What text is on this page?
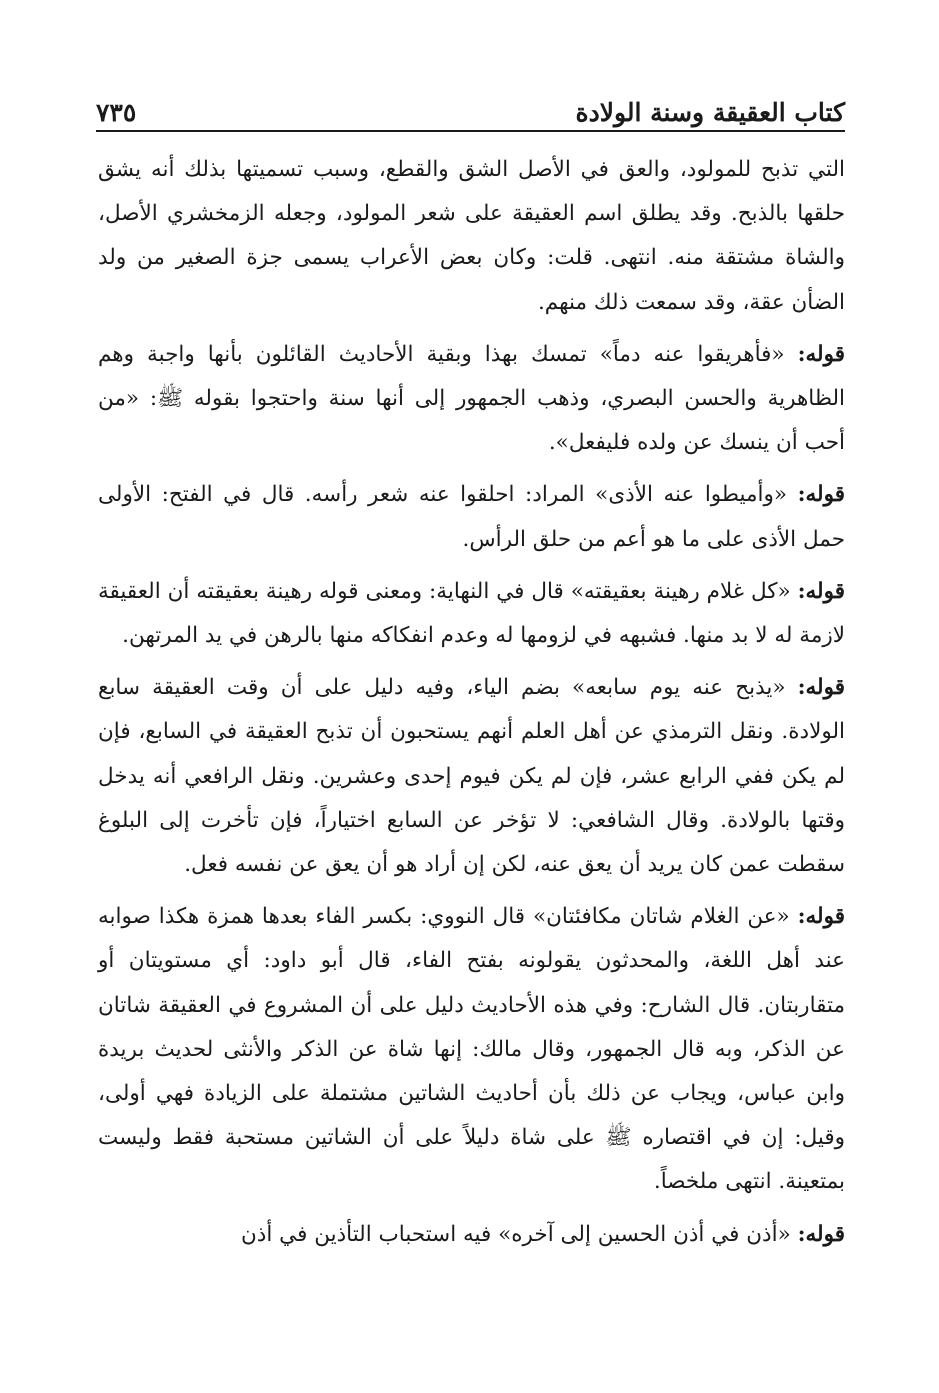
كتاب العقيقة وسنة الولادة
٧٣٥

التي تذبح للمولود، والعق في الأصل الشق والقطع، وسبب تسميتها بذلك أنه يشق حلقها بالذبح. وقد يطلق اسم العقيقة على شعر المولود، وجعله الزمخشري الأصل، والشاة مشتقة منه. انتهى. قلت: وكان بعض الأعراب يسمى جزة الصغير من ولد الضأن عقة، وقد سمعت ذلك منهم.

قوله: «فأهريقوا عنه دماً» تمسك بهذا وبقية الأحاديث القائلون بأنها واجبة وهم الظاهرية والحسن البصري، وذهب الجمهور إلى أنها سنة واحتجوا بقوله ﷺ: «من أحب أن ينسك عن ولده فليفعل».

قوله: «وأميطوا عنه الأذى» المراد: احلقوا عنه شعر رأسه. قال في الفتح: الأولى حمل الأذى على ما هو أعم من حلق الرأس.

قوله: «كل غلام رهينة بعقيقته» قال في النهاية: ومعنى قوله رهينة بعقيقته أن العقيقة لازمة له لا بد منها. فشبهه في لزومها له وعدم انفكاكه منها بالرهن في يد المرتهن.

قوله: «يذبح عنه يوم سابعه» بضم الياء، وفيه دليل على أن وقت العقيقة سابع الولادة. ونقل الترمذي عن أهل العلم أنهم يستحبون أن تذبح العقيقة في السابع، فإن لم يكن ففي الرابع عشر، فإن لم يكن فيوم إحدى وعشرين. ونقل الرافعي أنه يدخل وقتها بالولادة. وقال الشافعي: لا تؤخر عن السابع اختياراً، فإن تأخرت إلى البلوغ سقطت عمن كان يريد أن يعق عنه، لكن إن أراد هو أن يعق عن نفسه فعل.

قوله: «عن الغلام شاتان مكافئتان» قال النووي: بكسر الفاء بعدها همزة هكذا صوابه عند أهل اللغة، والمحدثون يقولونه بفتح الفاء، قال أبو داود: أي مستويتان أو متقاربتان. قال الشارح: وفي هذه الأحاديث دليل على أن المشروع في العقيقة شاتان عن الذكر، وبه قال الجمهور، وقال مالك: إنها شاة عن الذكر والأنثى لحديث بريدة وابن عباس، ويجاب عن ذلك بأن أحاديث الشاتين مشتملة على الزيادة فهي أولى، وقيل: إن في اقتصاره ﷺ على شاة دليلاً على أن الشاتين مستحبة فقط وليست بمتعينة. انتهى ملخصاً.

قوله: «أذن في أذن الحسين إلى آخره» فيه استحباب التأذين في أذن
